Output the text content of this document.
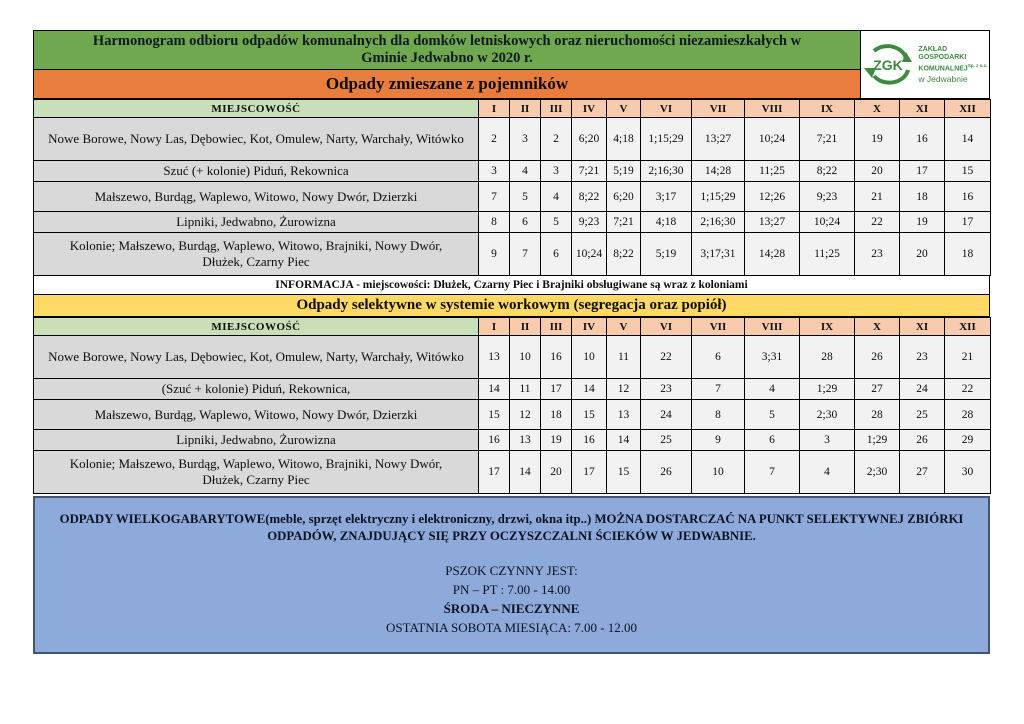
Harmonogram odbioru odpadów komunalnych dla domków letniskowych oraz nieruchomości niezamieszkałych w Gminie Jedwabno w 2020 r.
Odpady zmieszane z pojemników
ZGK
ZAKŁAD
GOSPODARKI
$KOMUNALNEJ^{Sp. z o.o.}$
w Jedwabnie
MIEJSCOWOŚĆ	I	II	III	IV	V	VI	VII	VIII	IX	X	XI	XII
Nowe Borowe, Nowy Las, Dębowiec, Kot, Omulew, Narty, Warchały, Witówko	2	3	2	6;20	4;18	1;15;29	13;27	10;24	7;21	19	16	14
Szuć (+ kolonie) Piduń, Rekownica	3	4	3	7;21	5;19	2;16;30	14;28	11;25	8;22	20	17	15
Małszewo, Burdąg, Waplewo, Witowo, Nowy Dwór, Dzierzki	7	5	4	8;22	6;20	3;17	1;15;29	12;26	9;23	21	18	16
Lipniki, Jedwabno, Żurowizna	8	6	5	9;23	7;21	4;18	2;16;30	13;27	10;24	22	19	17
Kolonie; Małszewo, Burdąg, Waplewo, Witowo, Brajniki, Nowy Dwór, Dłużek, Czarny Piec	9	7	6	10;24	8;22	5;19	3;17;31	14;28	11;25	23	20	18
INFORMACJA - miejscowości: Dłużek, Czarny Piec i Brajniki obsługiwane są wraz z koloniami
Odpady selektywne w systemie workowym (segregacja oraz popiół)
MIEJSCOWOŚĆ	I	II	III	IV	V	VI	VII	VIII	IX	X	XI	XII
Nowe Borowe, Nowy Las, Dębowiec, Kot, Omulew, Narty, Warchały, Witówko	13	10	16	10	11	22	6	3;31	28	26	23	21
(Szuć + kolonie) Piduń, Rekownica,	14	11	17	14	12	23	7	4	1;29	27	24	22
Małszewo, Burdąg, Waplewo, Witowo, Nowy Dwór, Dzierzki	15	12	18	15	13	24	8	5	2;30	28	25	28
Lipniki, Jedwabno, Żurowizna	16	13	19	16	14	25	9	6	3	1;29	26	29
Kolonie; Małszewo, Burdąg, Waplewo, Witowo, Brajniki, Nowy Dwór, Dłużek, Czarny Piec	17	14	20	17	15	26	10	7	4	2;30	27	30
ODPADY WIELKOGABARYTOWE(meble, sprzęt elektryczny i elektroniczny, drzwi, okna itp..) MOŻNA DOSTARCZAĆ NA PUNKT SELEKTYWNEJ ZBIÓRKI ODPADÓW, ZNAJDUJĄCY SIĘ PRZY OCZYSZCZALNI ŚCIEKÓW W JEDWABNIE.
PSZOK CZYNNY JEST:
PN – PT : 7.00 - 14.00
ŚRODA – NIECZYNNE
OSTATNIA SOBOTA MIESIĄCA: 7.00 - 12.00
